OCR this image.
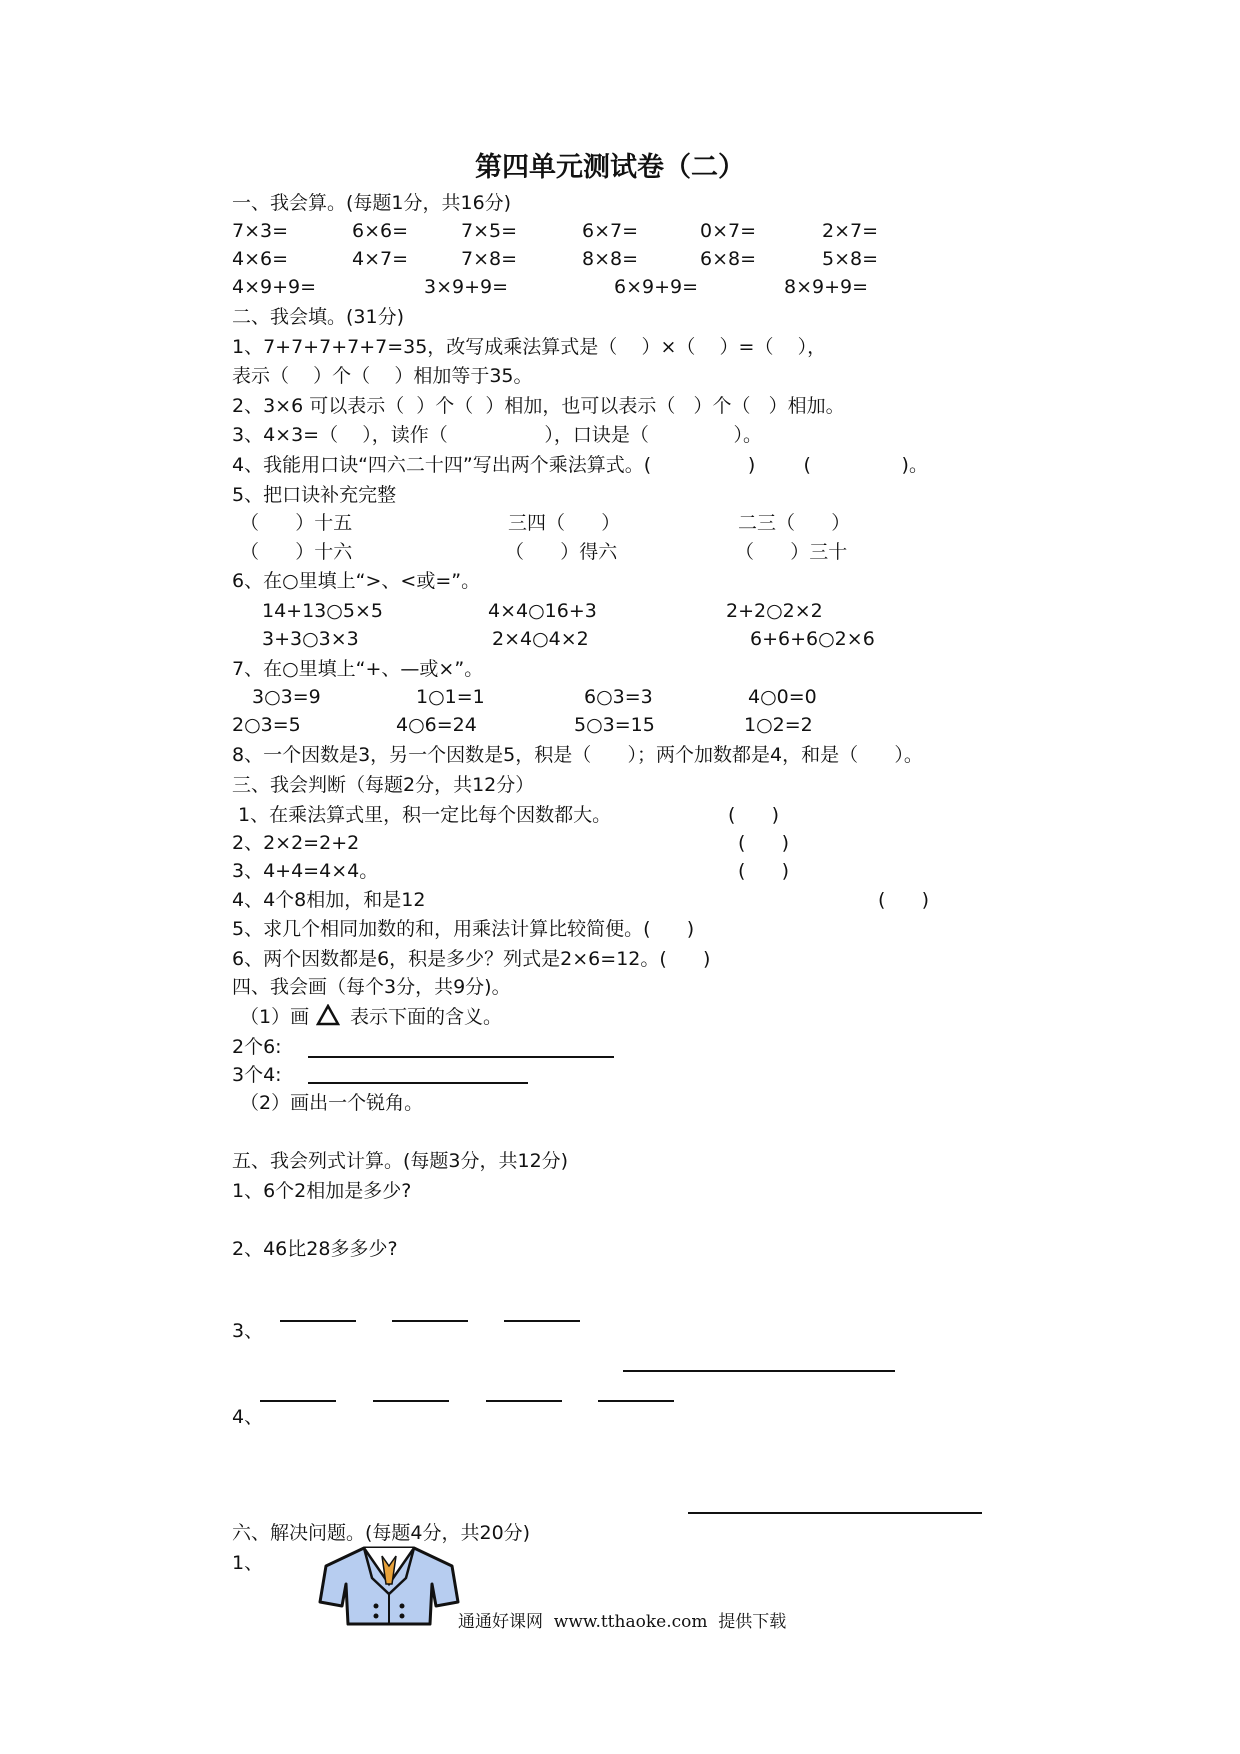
第四单元测试卷（二）
一、我会算。(每题1分，共16分)
7×3=	6×6=	7×5=	6×7=	0×7=	2×7=
4×6=	4×7=	7×8=	8×8=	6×8=	5×8=
4×9+9=	3×9+9=	6×9+9=	8×9+9=
二、我会填。(31分)
1、7+7+7+7+7=35，改写成乘法算式是（    ）×（    ）=（    ），
表示（    ）个（    ）相加等于35。
2、3×6 可以表示（  ）个（  ）相加，也可以表示（   ）个（   ）相加。
3、4×3=（    ），读作（                ），口诀是（              ）。
4、我能用口诀“四六二十四”写出两个乘法算式。(                )        (               )。
5、把口诀补充完整
（      ）十五	三四（      ）	二三（      ）
（      ）十六	（      ）得六	（      ）三十
6、在○里填上“>、<或=”。
14+13○5×5	4×4○16+3	2+2○2×2
3+3○3×3	2×4○4×2	6+6+6○2×6
7、在○里填上“+、—或×”。
3○3=9	1○1=1	6○3=3	4○0=0
2○3=5	4○6=24	5○3=15	1○2=2
8、一个因数是3，另一个因数是5，积是（      ）；两个加数都是4，和是（      ）。
三、我会判断（每题2分，共12分）
1、在乘法算式里，积一定比每个因数都大。	(      )
2、2×2=2+2	(      )
3、4+4=4×4。	(      )
4、4个8相加，和是12	(      )
5、求几个相同加数的和，用乘法计算比较简便。(      )
6、两个因数都是6，积是多少？列式是2×6=12。(      )
四、我会画（每个3分，共9分)。
（1）画 表示下面的含义。
2个6:
3个4:
（2）画出一个锐角。
五、我会列式计算。(每题3分，共12分)
1、6个2相加是多少?
2、46比28多多少?
3、
4、
六、解决问题。(每题4分，共20分)
1、
通通好课网  www.tthaoke.com  提供下载
